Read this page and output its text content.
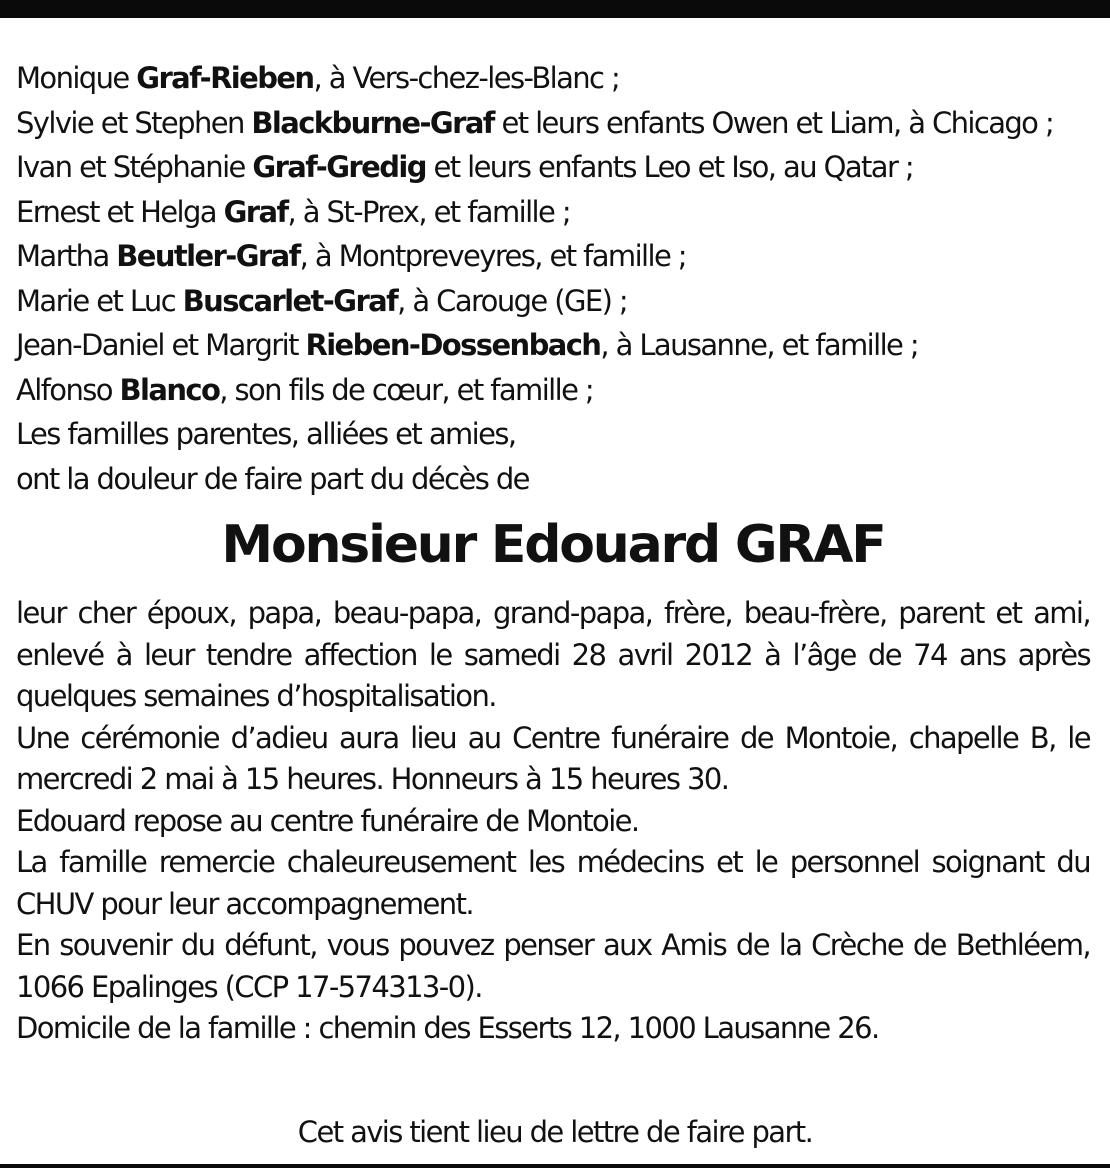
Monique Graf-Rieben, à Vers-chez-les-Blanc ;
Sylvie et Stephen Blackburne-Graf et leurs enfants Owen et Liam, à Chicago ;
Ivan et Stéphanie Graf-Gredig et leurs enfants Leo et Iso, au Qatar ;
Ernest et Helga Graf, à St-Prex, et famille ;
Martha Beutler-Graf, à Montpreveyres, et famille ;
Marie et Luc Buscarlet-Graf, à Carouge (GE) ;
Jean-Daniel et Margrit Rieben-Dossenbach, à Lausanne, et famille ;
Alfonso Blanco, son fils de cœur, et famille ;
Les familles parentes, alliées et amies,
ont la douleur de faire part du décès de
Monsieur Edouard GRAF
leur cher époux, papa, beau-papa, grand-papa, frère, beau-frère, parent et ami, enlevé à leur tendre affection le samedi 28 avril 2012 à l’âge de 74 ans après quelques semaines d’hospitalisation.
Une cérémonie d’adieu aura lieu au Centre funéraire de Montoie, chapelle B, le mercredi 2 mai à 15 heures. Honneurs à 15 heures 30.
Edouard repose au centre funéraire de Montoie.
La famille remercie chaleureusement les médecins et le personnel soignant du CHUV pour leur accompagnement.
En souvenir du défunt, vous pouvez penser aux Amis de la Crèche de Bethléem, 1066 Epalinges (CCP 17-574313-0).
Domicile de la famille : chemin des Esserts 12, 1000 Lausanne 26.
Cet avis tient lieu de lettre de faire part.
